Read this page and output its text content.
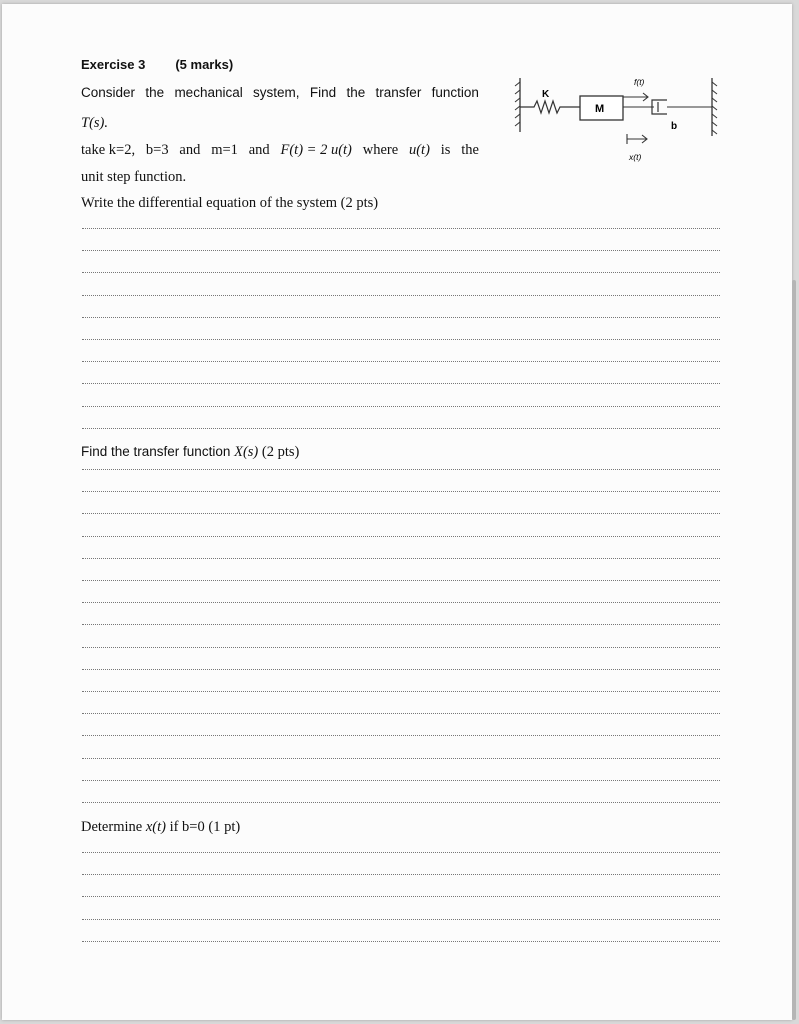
Exercise 3 (5 marks)
Consider the mechanical system, Find the transfer function
T(s).
take k=2, b=3 and m=1 and F(t) = 2 u(t) where u(t) is the
unit step function.
Write the differential equation of the system (2 pts)
Find the transfer function X(s) (2 pts)
Determine x(t) if b=0 (1 pt)
K
M
f(t)
b
x(t)
